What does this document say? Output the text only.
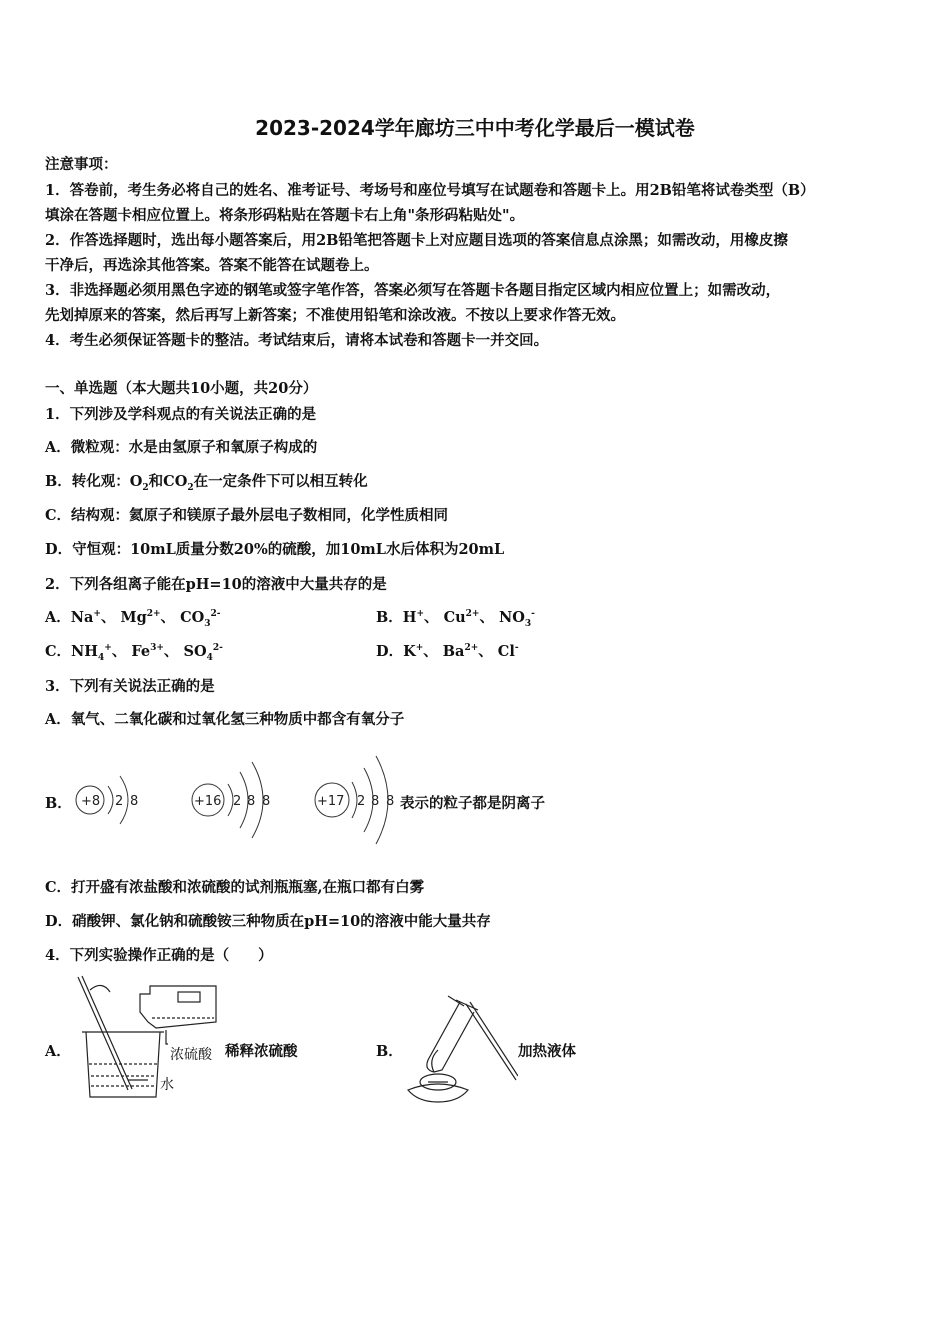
2023-2024学年廊坊三中中考化学最后一模试卷
注意事项：
1．答卷前，考生务必将自己的姓名、准考证号、考场号和座位号填写在试题卷和答题卡上。用2B铅笔将试卷类型（B）
填涂在答题卡相应位置上。将条形码粘贴在答题卡右上角"条形码粘贴处"。
2．作答选择题时，选出每小题答案后，用2B铅笔把答题卡上对应题目选项的答案信息点涂黑；如需改动，用橡皮擦
干净后，再选涂其他答案。答案不能答在试题卷上。
3．非选择题必须用黑色字迹的钢笔或签字笔作答，答案必须写在答题卡各题目指定区域内相应位置上；如需改动，
先划掉原来的答案，然后再写上新答案；不准使用铅笔和涂改液。不按以上要求作答无效。
4．考生必须保证答题卡的整洁。考试结束后，请将本试卷和答题卡一并交回。
一、单选题（本大题共10小题，共20分）
1．下列涉及学科观点的有关说法正确的是
A．微粒观：水是由氢原子和氧原子构成的
B．转化观：$O_2$和$CO_2$在一定条件下可以相互转化
C．结构观：氦原子和镁原子最外层电子数相同，化学性质相同
D．守恒观：10mL质量分数20%的硫酸，加10mL水后体积为20mL
2．下列各组离子能在pH=10的溶液中大量共存的是
A．Na+、 $Mg^{2+}$、 $CO_3^{2-}$	B．H+、 $Cu^{2+}$、 $NO_3^-$
C．$NH_4^+$、 $Fe^{3+}$、 $SO_4^{2-}$	D．K+、 $Ba^{2+}$、 Cl-
3．下列有关说法正确的是
A．氧气、二氧化碳和过氧化氢三种物质中都含有氧分子
B． +8 2 8	+16 2 8 8	+17 2 8 8 表示的粒子都是阴离子
C．打开盛有浓盐酸和浓硫酸的试剂瓶瓶塞,在瓶口都有白雾
D．硝酸钾、氯化钠和硫酸铵三种物质在pH=10的溶液中能大量共存
4．下列实验操作正确的是（　　）
A．	浓硫酸
水
稀释浓硫酸	B．	加热液体
